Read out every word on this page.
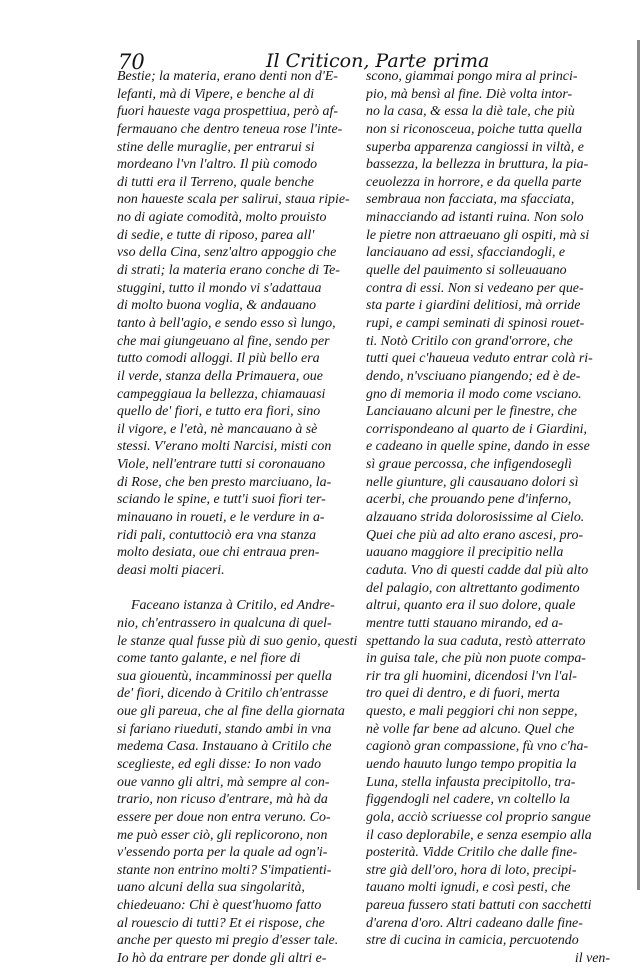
70	Il Criticon, Parte prima
Bestie; la materia, erano denti non d'E-
lefanti, mà di Vipere, e benche al di
fuori haueste vaga prospettiua, però af-
fermauano che dentro teneua rose l'inte-
stine delle muraglie, per entrarui si
mordeano l'vn l'altro. Il più comodo
di tutti era il Terreno, quale benche
non haueste scala per salirui, staua ripie-
no di agiate comodità, molto prouisto
di sedie, e tutte di riposo, parea all'
vso della Cina, senz'altro appoggio che
di strati; la materia erano conche di Te-
stuggini, tutto il mondo vi s'adattaua
di molto buona voglia, & andauano
tanto à bell'agio, e sendo esso sì lungo,
che mai giungeuano al fine, sendo per
tutto comodi alloggi. Il più bello era
il verde, stanza della Primauera, oue
campeggiaua la bellezza, chiamauasi
quello de' fiori, e tutto era fiori, sino
il vigore, e l'età, nè mancauano à sè
stessi. V'erano molti Narcisi, misti con
Viole, nell'entrare tutti si coronauano
di Rose, che ben presto marciuano, la-
sciando le spine, e tutt'i suoi fiori ter-
minauano in roueti, e le verdure in a-
ridi pali, contuttociò era vna stanza
molto desiata, oue chi entraua pren-
deasi molti piaceri.
Faceano istanza à Critilo, ed Andre-
nio, ch'entrassero in qualcuna di quel-
le stanze qual fusse più di suo genio, questi
come tanto galante, e nel fiore di
sua giouentù, incamminossi per quella
de' fiori, dicendo à Critilo ch'entrasse
oue gli pareua, che al fine della giornata
si fariano riueduti, stando ambi in vna
medema Casa. Instauano à Critilo che
sceglieste, ed egli disse: Io non vado
oue vanno gli altri, mà sempre al con-
trario, non ricuso d'entrare, mà hà da
essere per doue non entra veruno. Co-
me può esser ciò, gli replicorono, non
v'essendo porta per la quale ad ogn'i-
stante non entrino molti? S'impatienti-
uano alcuni della sua singolarità,
chiedeuano: Chi è quest'huomo fatto
al rouescio di tutti? Et ei rispose, che
anche per questo mi pregio d'esser tale.
Io hò da entrare per donde gli altri e-
scono, giammai pongo mira al princi-
pio, mà bensì al fine. Diè volta intor-
no la casa, & essa la diè tale, che più
non si riconosceua, poiche tutta quella
superba apparenza cangiossi in viltà, e
bassezza, la bellezza in bruttura, la pia-
ceuolezza in horrore, e da quella parte
sembraua non facciata, ma sfacciata,
minacciando ad istanti ruina. Non solo
le pietre non attraeuano gli ospiti, mà si
lanciauano ad essi, sfacciandogli, e
quelle del pauimento si solleuauano
contra di essi. Non si vedeano per que-
sta parte i giardini delitiosi, mà orride
rupi, e campi seminati di spinosi rouet-
ti. Notò Critilo con grand'orrore, che
tutti quei c'haueua veduto entrar colà ri-
dendo, n'vsciuano piangendo; ed è de-
gno di memoria il modo come vsciano.
Lanciauano alcuni per le finestre, che
corrispondeano al quarto de i Giardini,
e cadeano in quelle spine, dando in esse
sì graue percossa, che infigendoseglì
nelle giunture, gli causauano dolori sì
acerbi, che prouando pene d'inferno,
alzauano strida dolorosissime al Cielo.
Quei che più ad alto erano ascesi, pro-
uauano maggiore il precipitio nella
caduta. Vno di questi cadde dal più alto
del palagio, con altrettanto godimento
altrui, quanto era il suo dolore, quale
mentre tutti stauano mirando, ed a-
spettando la sua caduta, restò atterrato
in guisa tale, che più non puote compa-
rir tra gli huomini, dicendosi l'vn l'al-
tro quei di dentro, e di fuori, merta
questo, e mali peggiori chi non seppe,
nè volle far bene ad alcuno. Quel che
cagionò gran compassione, fù vno c'ha-
uendo hauuto lungo tempo propitia la
Luna, stella infausta precipitollo, tra-
figgendogli nel cadere, vn coltello la
gola, acciò scriuesse col proprio sangue
il caso deplorabile, e senza esempio alla
posterità. Vidde Critilo che dalle fine-
stre già dell'oro, hora di loto, precipi-
tauano molti ignudi, e così pesti, che
pareua fussero stati battuti con sacchetti
d'arena d'oro. Altri cadeano dalle fine-
stre di cucina in camicia, percuotendo
il ven-
